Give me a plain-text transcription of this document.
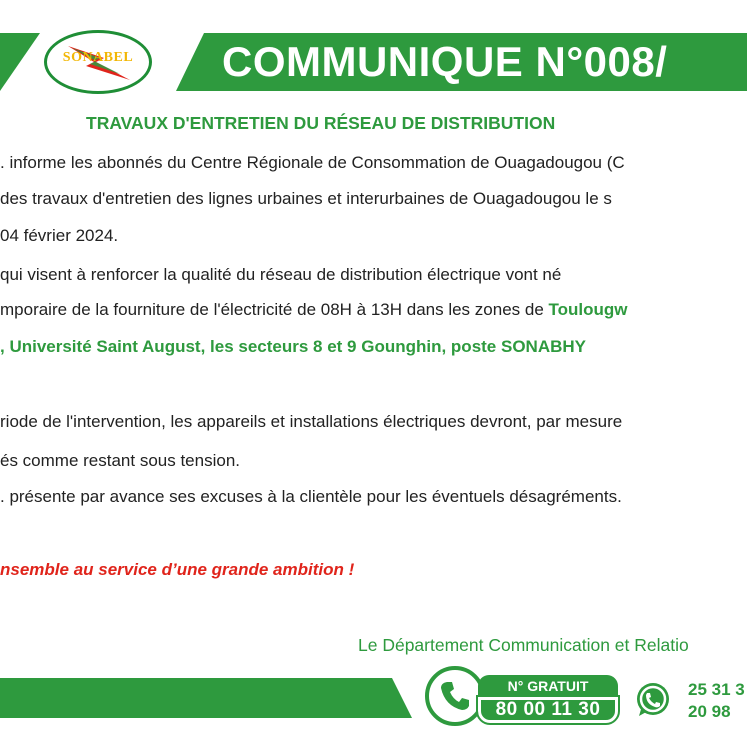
SONABEL COMMUNIQUE N°008/
TRAVAUX D'ENTRETIEN DU RÉSEAU DE DISTRIBUTION
. informe les abonnés du Centre Régionale de Consommation de Ouagadougou (C
des travaux d'entretien des lignes urbaines et interurbaines de Ouagadougou le s
04 février 2024.
qui visent à renforcer la qualité du réseau de distribution électrique vont né
mporaire de la fourniture de l'électricité de 08H à 13H dans les zones de Toulougw
, Université Saint August, les secteurs 8 et 9 Gounghin, poste SONABHY
riode de l'intervention, les appareils et installations électriques devront, par mesure
és comme restant sous tension.
. présente par avance ses excuses à la clientèle pour les éventuels désagréments.
nsemble au service d’une grande ambition !
Le Département Communication et Relatio
N° GRATUIT
80 00 11 30
25 31 3
20 98
